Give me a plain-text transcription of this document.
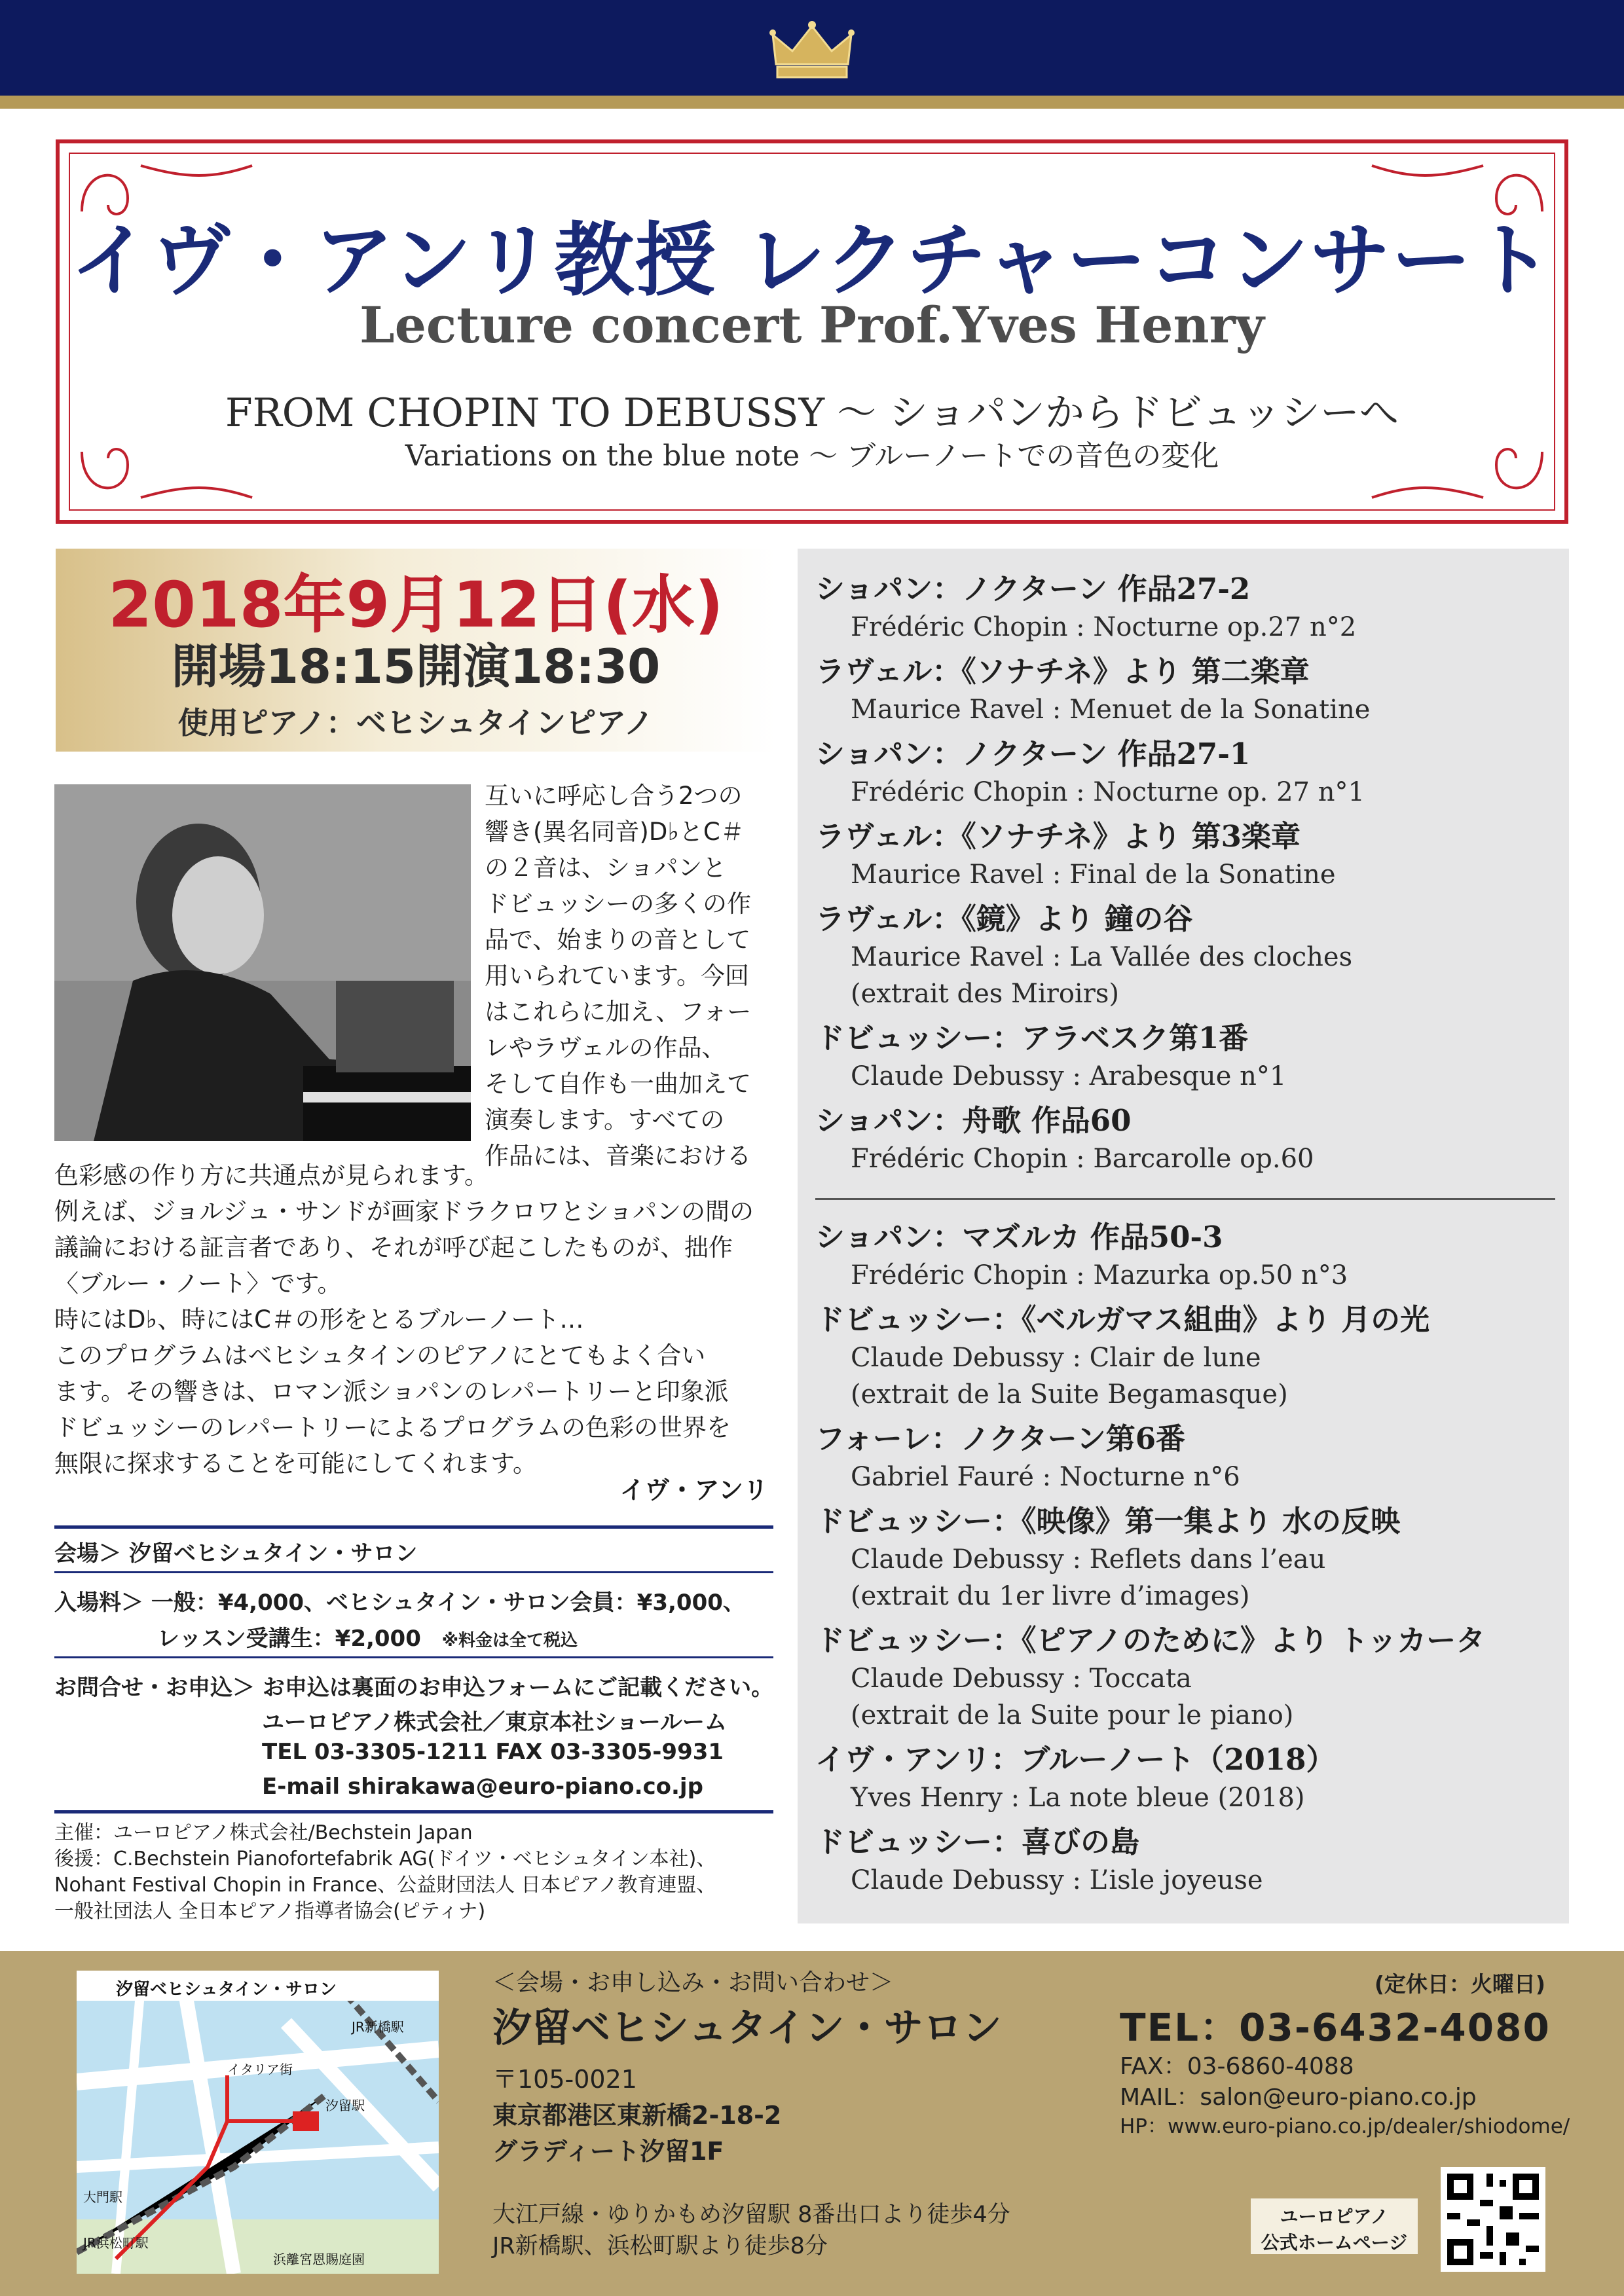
イヴ・アンリ教授 レクチャーコンサート
Lecture concert Prof.Yves Henry
FROM CHOPIN TO DEBUSSY ～ ショパンからドビュッシーへ
Variations on the blue note ～ ブルーノートでの音色の変化
2018年9月12日(水)
開場18:15開演18:30
使用ピアノ：ベヒシュタインピアノ
互いに呼応し合う2つの
響き(異名同音)D♭とC＃
の２音は、ショパンと
ドビュッシーの多くの作
品で、始まりの音として
用いられています。今回
はこれらに加え、フォー
レやラヴェルの作品、
そして自作も一曲加えて
演奏します。すべての
作品には、音楽における
色彩感の作り方に共通点が見られます。
例えば、ジョルジュ・サンドが画家ドラクロワとショパンの間の
議論における証言者であり、それが呼び起こしたものが、拙作
〈ブルー・ノート〉です。
時にはD♭、時にはC＃の形をとるブルーノート…
このプログラムはベヒシュタインのピアノにとてもよく合い
ます。その響きは、ロマン派ショパンのレパートリーと印象派
ドビュッシーのレパートリーによるプログラムの色彩の世界を
無限に探求することを可能にしてくれます。
イヴ・アンリ
会場＞ 汐留ベヒシュタイン・サロン
入場料＞ 一般：¥4,000、ベヒシュタイン・サロン会員：¥3,000、
レッスン受講生：¥2,000 ※料金は全て税込
お問合せ・お申込＞ お申込は裏面のお申込フォームにご記載ください。
ユーロピアノ株式会社／東京本社ショールーム
TEL 03-3305-1211 FAX 03-3305-9931
E-mail shirakawa@euro-piano.co.jp
主催：ユーロピアノ株式会社/Bechstein Japan
後援：C.Bechstein Pianofortefabrik AG(ドイツ・ベヒシュタイン本社)、
Nohant Festival Chopin in France、公益財団法人 日本ピアノ教育連盟、
一般社団法人 全日本ピアノ指導者協会(ピティナ)
ショパン：ノクターン 作品27-2
Frédéric Chopin : Nocturne op.27 n°2
ラヴェル：《ソナチネ》より 第二楽章
Maurice Ravel : Menuet de la Sonatine
ショパン：ノクターン 作品27-1
Frédéric Chopin : Nocturne op. 27 n°1
ラヴェル：《ソナチネ》より 第3楽章
Maurice Ravel : Final de la Sonatine
ラヴェル：《鏡》より 鐘の谷
Maurice Ravel : La Vallée des cloches
(extrait des Miroirs)
ドビュッシー：アラベスク第1番
Claude Debussy : Arabesque n°1
ショパン：舟歌 作品60
Frédéric Chopin : Barcarolle op.60
ショパン：マズルカ 作品50-3
Frédéric Chopin : Mazurka op.50 n°3
ドビュッシー：《ベルガマス組曲》より 月の光
Claude Debussy : Clair de lune
(extrait de la Suite Begamasque)
フォーレ：ノクターン第6番
Gabriel Fauré : Nocturne n°6
ドビュッシー：《映像》第一集より 水の反映
Claude Debussy : Reflets dans l’eau
(extrait du 1er livre d’images)
ドビュッシー：《ピアノのために》より トッカータ
Claude Debussy : Toccata
(extrait de la Suite pour le piano)
イヴ・アンリ：ブルーノート（2018）
Yves Henry : La note bleue (2018)
ドビュッシー：喜びの島
Claude Debussy : L’isle joyeuse
汐留ベヒシュタイン・サロン
JR新橋駅
汐留駅
イタリア街
大門駅
JR浜松町駅
浜離宮恩賜庭園
＜会場・お申し込み・お問い合わせ＞
汐留ベヒシュタイン・サロン
〒105-0021
東京都港区東新橋2-18-2
グラディート汐留1F
大江戸線・ゆりかもめ汐留駅 8番出口より徒歩4分
JR新橋駅、浜松町駅より徒歩8分
(定休日：火曜日)
TEL：03-6432-4080
FAX：03-6860-4088
MAIL：salon@euro-piano.co.jp
HP：www.euro-piano.co.jp/dealer/shiodome/
ユーロピアノ
公式ホームページ
